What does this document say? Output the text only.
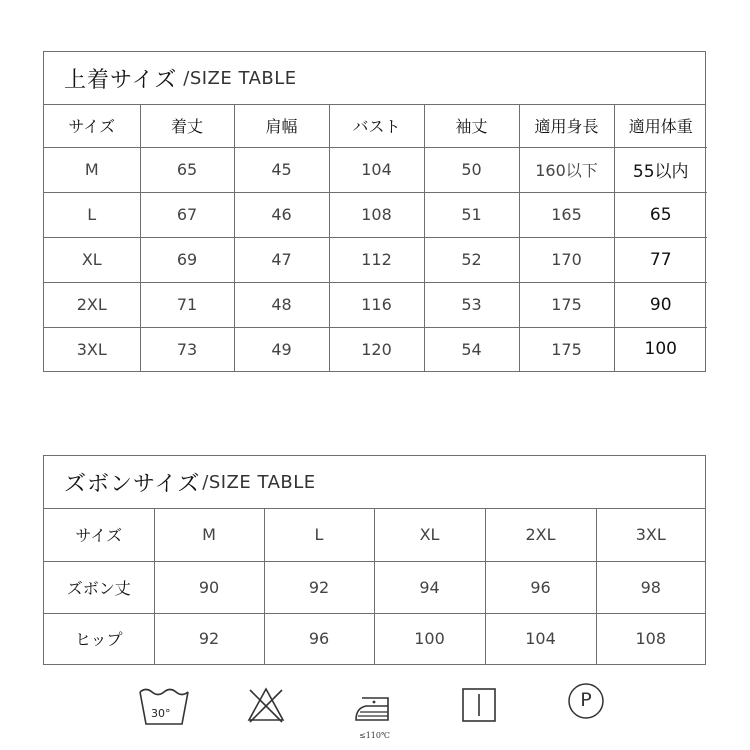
上着サイズ /SIZE TABLE
サイズ	着丈	肩幅	バスト	袖丈	適用身長	適用体重
M	65	45	104	50	160以下	55以内
L	67	46	108	51	165	65
XL	69	47	112	52	170	77
2XL	71	48	116	53	175	90
3XL	73	49	120	54	175	100
ズボンサイズ /SIZE TABLE
サイズ	M	L	XL	2XL	3XL
ズボン丈	90	92	94	96	98
ヒップ	92	96	100	104	108
30°
≤110℃
P
